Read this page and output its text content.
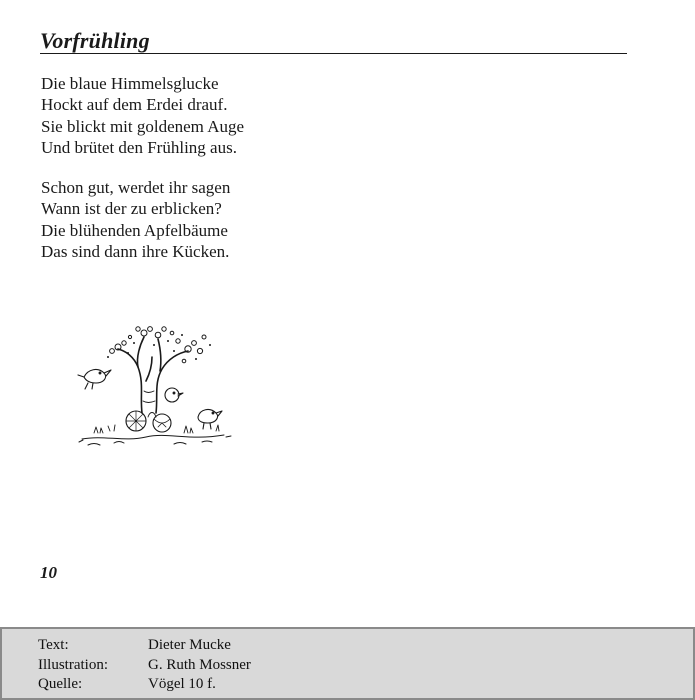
Vorfrühling
Die blaue Himmelsglucke
Hockt auf dem Erdei drauf.
Sie blickt mit goldenem Auge
Und brütet den Frühling aus.
Schon gut, werdet ihr sagen
Wann ist der zu erblicken?
Die blühenden Apfelbäume
Das sind dann ihre Kücken.
10
Text:	Dieter Mucke
Illustration:	G. Ruth Mossner
Quelle:	Vögel 10 f.
